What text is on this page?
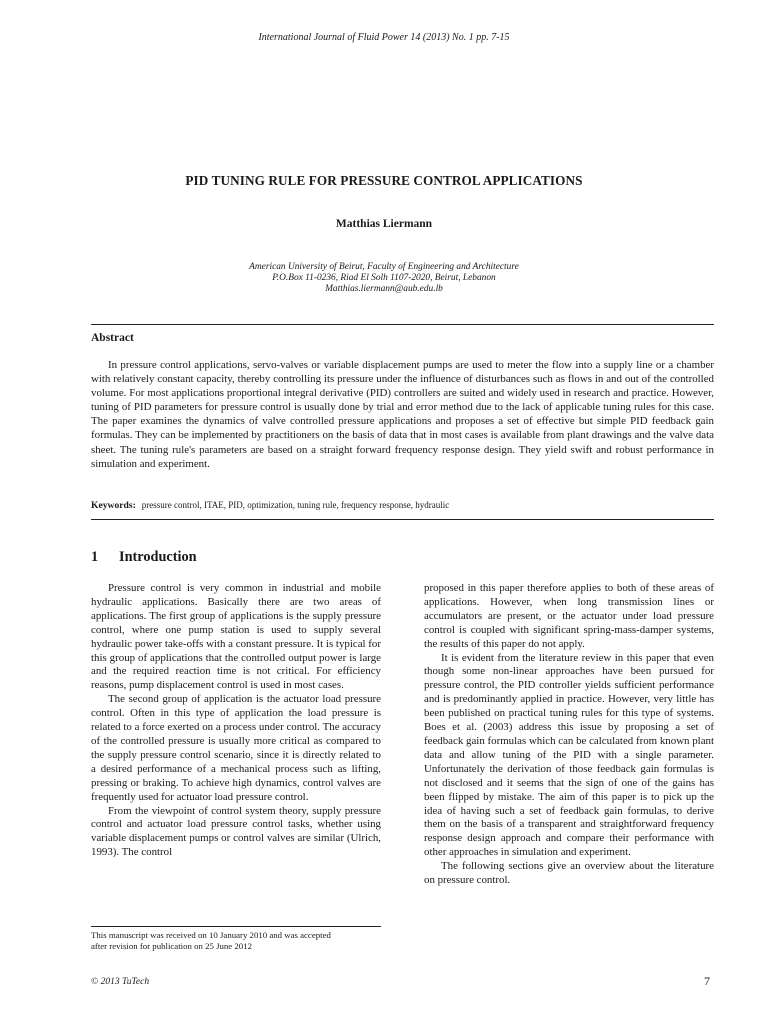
International Journal of Fluid Power 14 (2013) No. 1 pp. 7-15
PID TUNING RULE FOR PRESSURE CONTROL APPLICATIONS
Matthias Liermann
American University of Beirut, Faculty of Engineering and Architecture
P.O.Box 11-0236, Riad El Solh 1107-2020, Beirut, Lebanon
Matthias.liermann@aub.edu.lb
Abstract
In pressure control applications, servo-valves or variable displacement pumps are used to meter the flow into a supply line or a chamber with relatively constant capacity, thereby controlling its pressure under the influence of disturbances such as flows in and out of the controlled volume. For most applications proportional integral derivative (PID) controllers are suited and widely used in research and practice. However, tuning of PID parameters for pressure control is usually done by trial and error method due to the lack of applicable tuning rules for this case. The paper examines the dynamics of valve controlled pressure applications and proposes a set of effective but simple PID feedback gain formulas. They can be implemented by practitioners on the basis of data that in most cases is available from plant drawings and the valve data sheet. The tuning rule's parameters are based on a straight forward frequency response design. They yield swift and robust performance in simulation and experiment.
Keywords: pressure control, ITAE, PID, optimization, tuning rule, frequency response, hydraulic
1 Introduction

Pressure control is very common in industrial and mobile hydraulic applications. Basically there are two areas of applications. The first group of applications is the supply pressure control, where one pump station is used to supply several hydraulic power take-offs with a constant pressure. It is typical for this group of applications that the controlled output power is large and the required reaction time is not critical. For efficiency reasons, pump displacement control is used in most cases.

The second group of application is the actuator load pressure control. Often in this type of application the load pressure is related to a force exerted on a process under control. The accuracy of the controlled pressure is usually more critical as compared to the supply pressure control scenario, since it is directly related to a desired performance of a mechanical process such as lifting, pressing or braking. To achieve high dynamics, control valves are frequently used for actuator load pressure control.

From the viewpoint of control system theory, supply pressure control and actuator load pressure control tasks, whether using variable displacement pumps or control valves are similar (Ulrich, 1993). The control

proposed in this paper therefore applies to both of these areas of applications. However, when long transmission lines or accumulators are present, or the actuator under load pressure control is coupled with significant spring-mass-damper systems, the results of this paper do not apply.

It is evident from the literature review in this paper that even though some non-linear approaches have been pursued for pressure control, the PID controller yields sufficient performance and is predominantly applied in practice. However, very little has been published on practical tuning rules for this type of systems. Boes et al. (2003) address this issue by proposing a set of feedback gain formulas which can be calculated from known plant data and allow tuning of the PID with a single parameter. Unfortunately the derivation of those feedback gain formulas is not disclosed and it seems that the sign of one of the gains has been flipped by mistake. The aim of this paper is to pick up the idea of having such a set of feedback gain formulas, to derive them on the basis of a transparent and straightforward frequency response design approach and compare their performance with other approaches in simulation and experiment.

The following sections give an overview about the literature on pressure control.

This manuscript was received on 10 January 2010 and was accepted
after revision for publication on 25 June 2012
© 2013 TuTech	7
